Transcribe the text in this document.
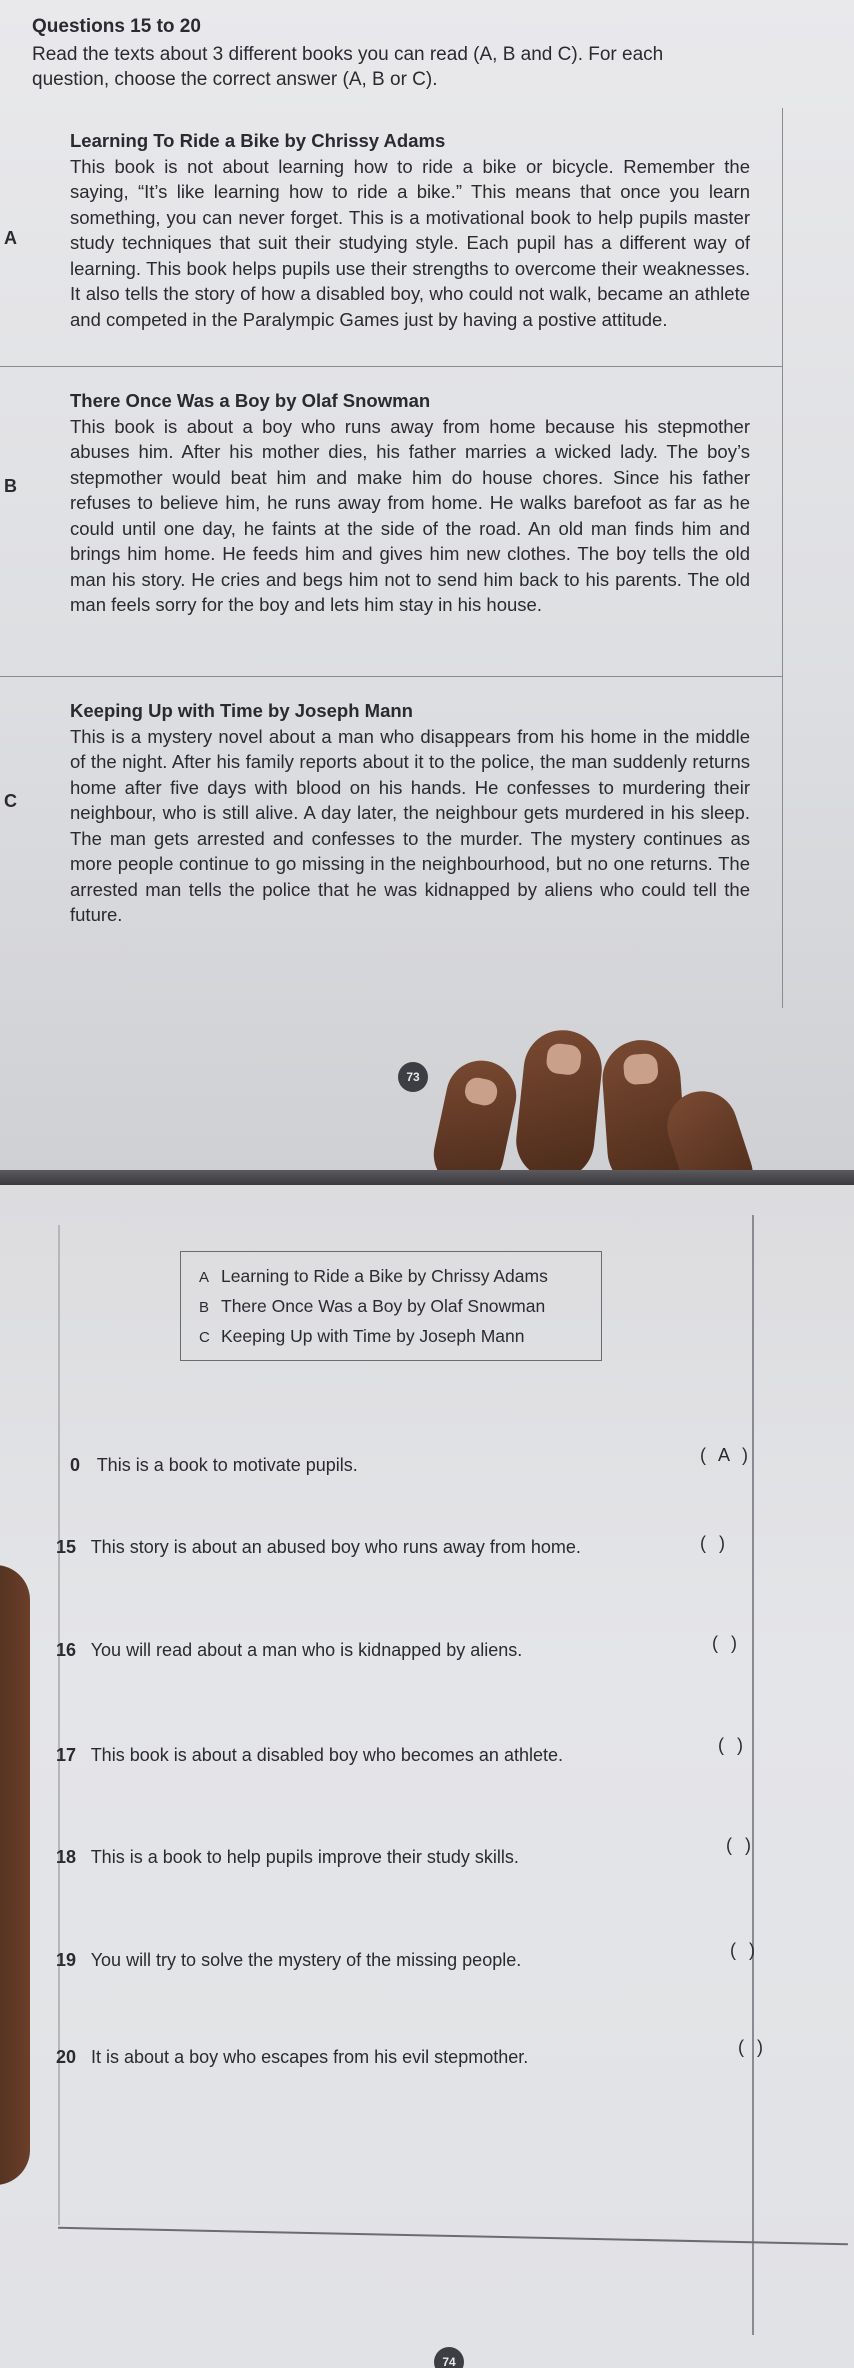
Questions 15 to 20
Read the texts about 3 different books you can read (A, B and C). For each question, choose the correct answer (A, B or C).
A
Learning To Ride a Bike by Chrissy Adams
This book is not about learning how to ride a bike or bicycle. Remember the saying, “It’s like learning how to ride a bike.” This means that once you learn something, you can never forget. This is a motivational book to help pupils master study techniques that suit their studying style. Each pupil has a different way of learning. This book helps pupils use their strengths to overcome their weaknesses. It also tells the story of how a disabled boy, who could not walk, became an athlete and competed in the Paralympic Games just by having a postive attitude.
B
There Once Was a Boy by Olaf Snowman
This book is about a boy who runs away from home because his stepmother abuses him. After his mother dies, his father marries a wicked lady. The boy’s stepmother would beat him and make him do house chores. Since his father refuses to believe him, he runs away from home. He walks barefoot as far as he could until one day, he faints at the side of the road. An old man finds him and brings him home. He feeds him and gives him new clothes. The boy tells the old man his story. He cries and begs him not to send him back to his parents. The old man feels sorry for the boy and lets him stay in his house.
C
Keeping Up with Time by Joseph Mann
This is a mystery novel about a man who disappears from his home in the middle of the night. After his family reports about it to the police, the man suddenly returns home after five days with blood on his hands. He confesses to murdering their neighbour, who is still alive. A day later, the neighbour gets murdered in his sleep. The man gets arrested and confesses to the murder. The mystery continues as more people continue to go missing in the neighbourhood, but no one returns. The arrested man tells the police that he was kidnapped by aliens who could tell the future.
73
A Learning to Ride a Bike by Chrissy Adams
B There Once Was a Boy by Olaf Snowman
C Keeping Up with Time by Joseph Mann
0 This is a book to motivate pupils.	( A )
15 This story is about an abused boy who runs away from home.	( )
16 You will read about a man who is kidnapped by aliens.	( )
17 This book is about a disabled boy who becomes an athlete.	( )
18 This is a book to help pupils improve their study skills.
( )
19 You will try to solve the mystery of the missing people.	( )
20 It is about a boy who escapes from his evil stepmother.	( )
74
